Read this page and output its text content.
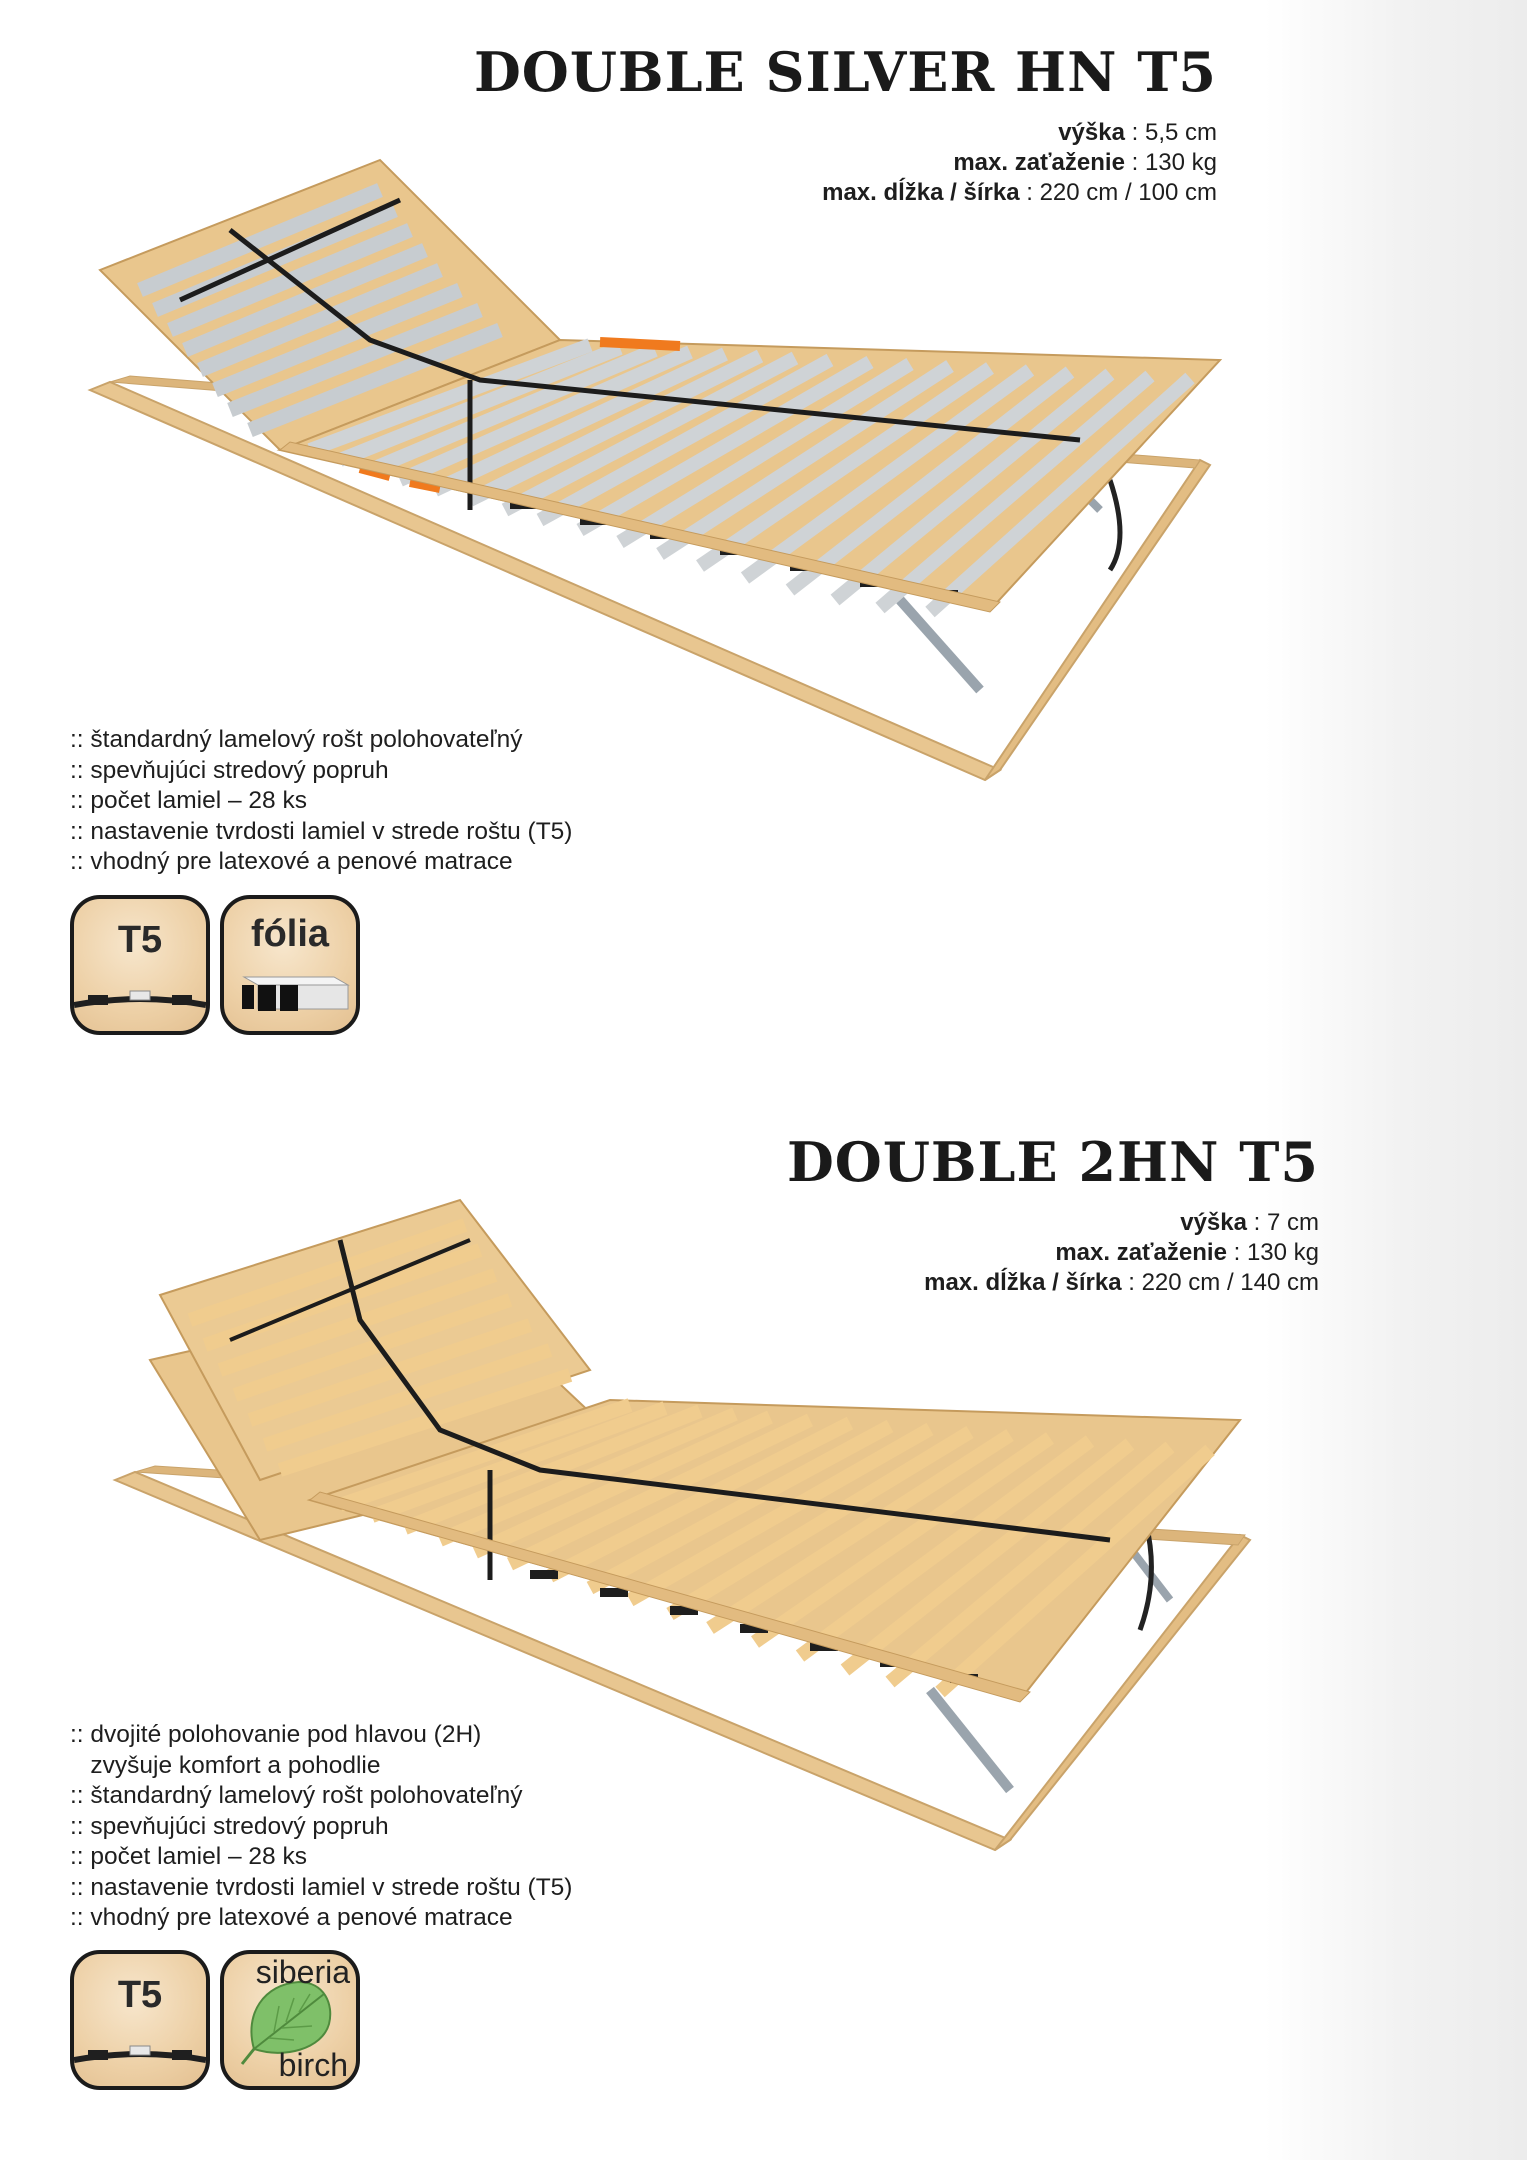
DOUBLE SILVER HN T5
výška : 5,5 cm
max. zaťaženie : 130 kg
max. dĺžka / šírka : 220 cm / 100 cm
:: štandardný lamelový rošt polohovateľný
:: spevňujúci stredový popruh
:: počet lamiel – 28 ks
:: nastavenie tvrdosti lamiel v strede roštu (T5)
:: vhodný pre latexové a penové matrace
T5	fólia
DOUBLE 2HN T5
výška : 7 cm
max. zaťaženie : 130 kg
max. dĺžka / šírka : 220 cm / 140 cm
:: dvojité polohovanie pod hlavou (2H)
zvyšuje komfort a pohodlie
:: štandardný lamelový rošt polohovateľný
:: spevňujúci stredový popruh
:: počet lamiel – 28 ks
:: nastavenie tvrdosti lamiel v strede roštu (T5)
:: vhodný pre latexové a penové matrace
T5
siberia
birch
